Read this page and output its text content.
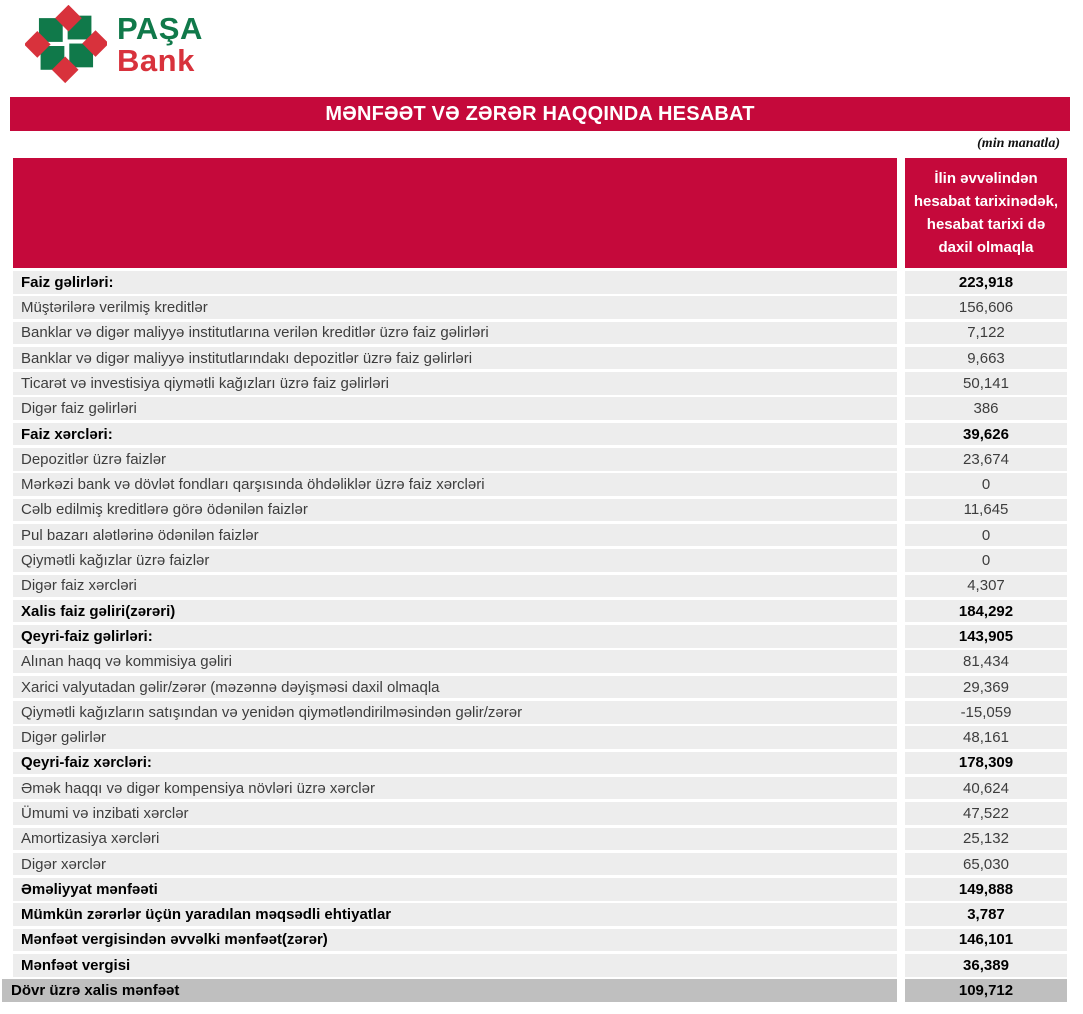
PAŞA
Bank
MƏNFƏƏT VƏ ZƏRƏR HAQQINDA HESABAT
(min manatla)
İlin əvvəlindən hesabat tarixinədək, hesabat tarixi də daxil olmaqla
Faiz gəlirləri:	223,918
Müştərilərə verilmiş kreditlər	156,606
Banklar və digər maliyyə institutlarına verilən kreditlər üzrə faiz gəlirləri	7,122
Banklar və digər maliyyə institutlarındakı depozitlər üzrə faiz gəlirləri	9,663
Ticarət və investisiya qiymətli kağızları üzrə faiz gəlirləri	50,141
Digər faiz gəlirləri	386
Faiz xərcləri:	39,626
Depozitlər üzrə faizlər	23,674
Mərkəzi bank və dövlət fondları qarşısında öhdəliklər üzrə faiz xərcləri	0
Cəlb edilmiş kreditlərə görə ödənilən faizlər	11,645
Pul bazarı alətlərinə ödənilən faizlər	0
Qiymətli kağızlar üzrə faizlər	0
Digər faiz xərcləri	4,307
Xalis faiz gəliri(zərəri)	184,292
Qeyri-faiz gəlirləri:	143,905
Alınan haqq və kommisiya gəliri	81,434
Xarici valyutadan gəlir/zərər (məzənnə dəyişməsi daxil olmaqla	29,369
Qiymətli kağızların satışından və yenidən qiymətləndirilməsindən gəlir/zərər	-15,059
Digər gəlirlər	48,161
Qeyri-faiz xərcləri:	178,309
Əmək haqqı və digər kompensiya növləri üzrə xərclər	40,624
Ümumi və inzibati xərclər	47,522
Amortizasiya xərcləri	25,132
Digər xərclər	65,030
Əməliyyat mənfəəti	149,888
Mümkün zərərlər üçün yaradılan məqsədli ehtiyatlar	3,787
Mənfəət vergisindən əvvəlki mənfəət(zərər)	146,101
Mənfəət vergisi	36,389
Dövr üzrə xalis mənfəət	109,712
